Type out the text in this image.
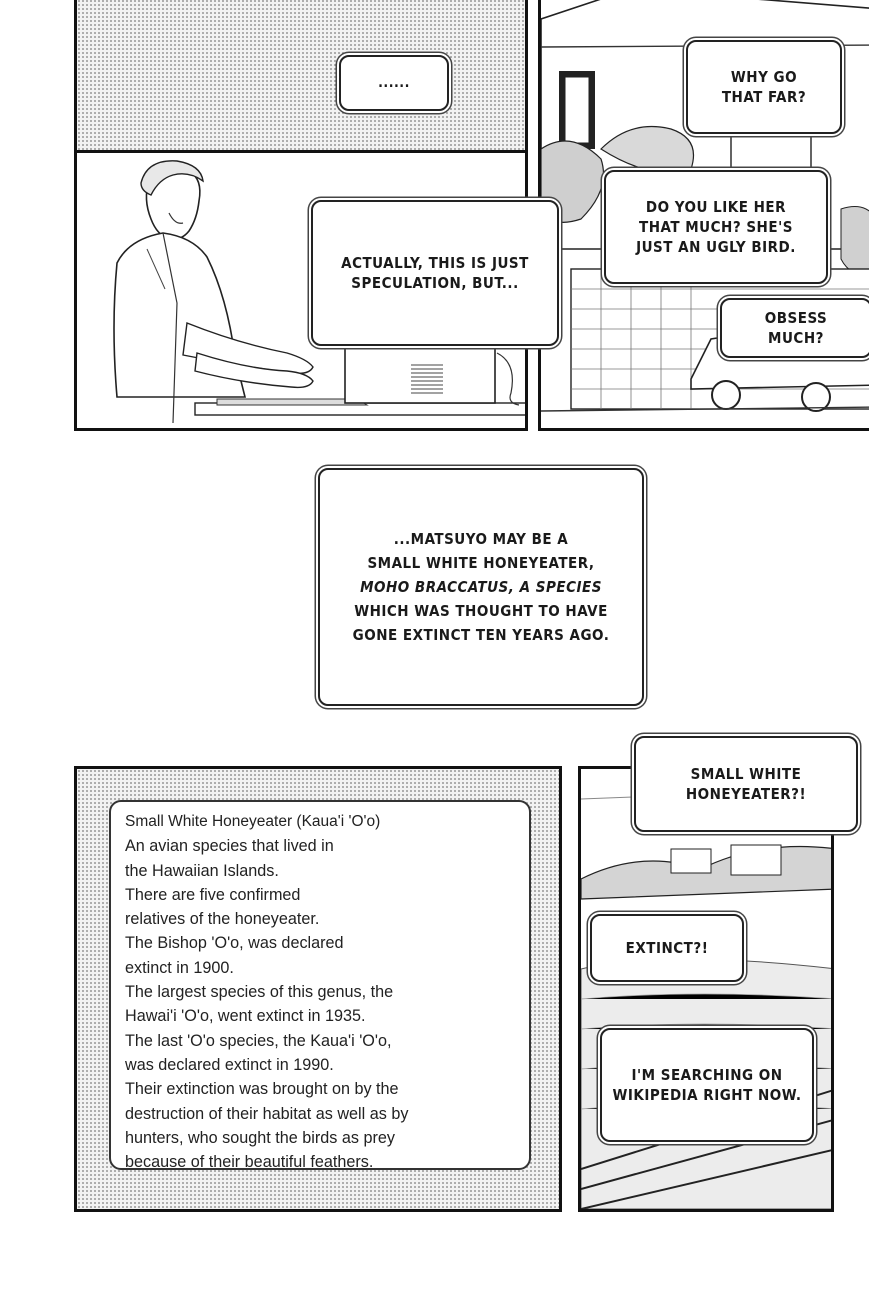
......
ACTUALLY, THIS IS JUST
SPECULATION, BUT...
WHY GO
THAT FAR?
DO YOU LIKE HER
THAT MUCH? SHE'S
JUST AN UGLY BIRD.
OBSESS
MUCH?
...MATSUYO MAY BE A
SMALL WHITE HONEYEATER,
MOHO BRACCATUS, A SPECIES
WHICH WAS THOUGHT TO HAVE
GONE EXTINCT TEN YEARS AGO.
Small White Honeyeater (Kaua'i 'O'o)
An avian species that lived in
the Hawaiian Islands.
There are five confirmed
relatives of the honeyeater.
The Bishop 'O'o, was declared
extinct in 1900.
The largest species of this genus, the
Hawai'i 'O'o, went extinct in 1935.
The last 'O'o species, the Kaua'i 'O'o,
was declared extinct in 1990.
Their extinction was brought on by the
destruction of their habitat as well as by
hunters, who sought the birds as prey
because of their beautiful feathers.
SMALL WHITE
HONEYEATER?!
EXTINCT?!
I'M SEARCHING ON
WIKIPEDIA RIGHT NOW.
